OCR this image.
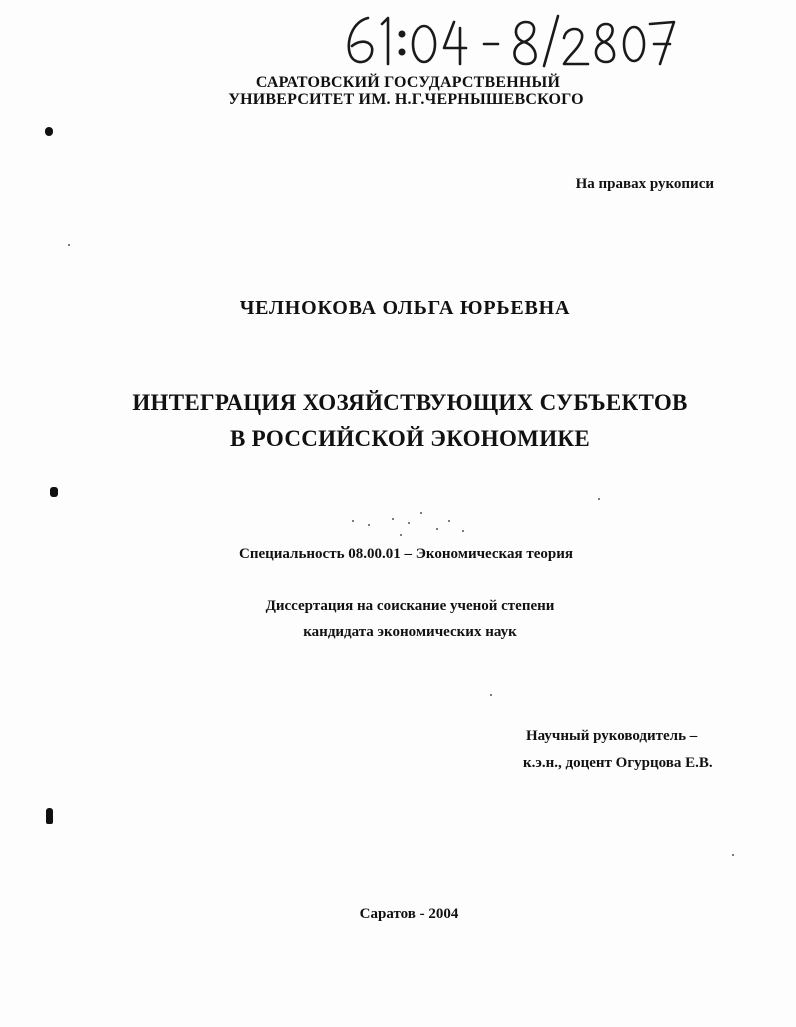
САРАТОВСКИЙ ГОСУДАРСТВЕННЫЙ
УНИВЕРСИТЕТ ИМ. Н.Г.ЧЕРНЫШЕВСКОГО
На правах рукописи
ЧЕЛНОКОВА ОЛЬГА ЮРЬЕВНА
ИНТЕГРАЦИЯ ХОЗЯЙСТВУЮЩИХ СУБЪЕКТОВ
В РОССИЙСКОЙ ЭКОНОМИКЕ
Специальность 08.00.01 – Экономическая теория
Диссертация на соискание ученой степени
кандидата экономических наук
Научный руководитель –
к.э.н., доцент Огурцова Е.В.
Саратов - 2004
